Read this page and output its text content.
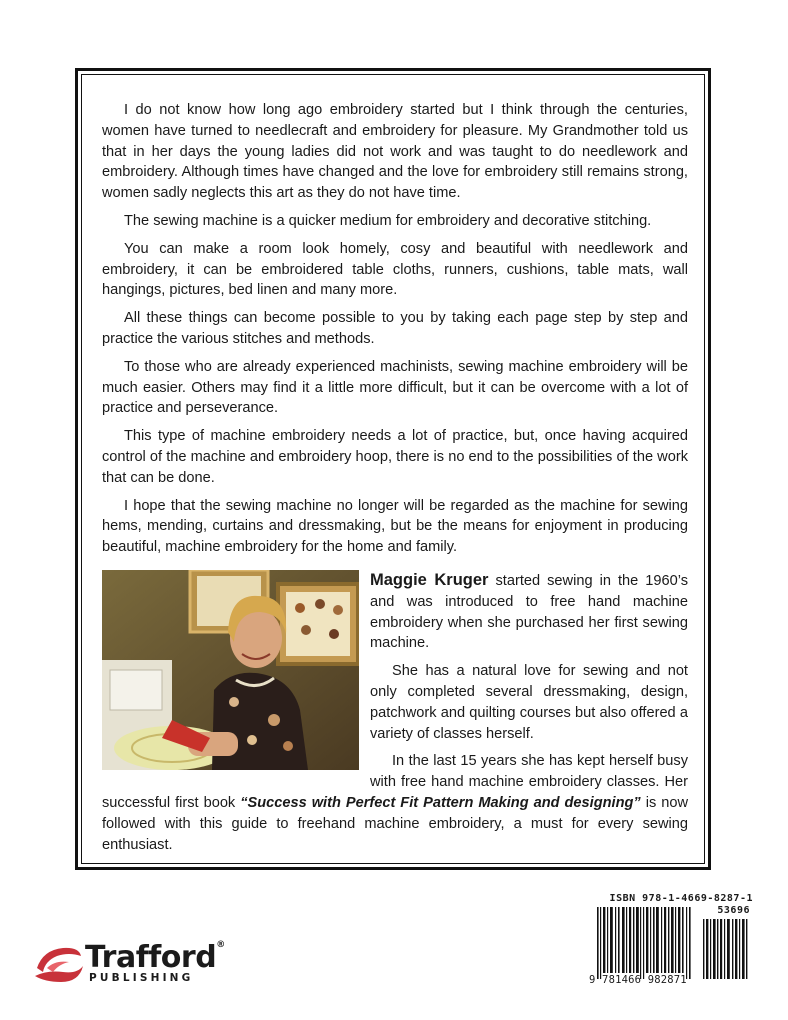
I do not know how long ago embroidery started but I think through the centuries, women have turned to needlecraft and embroidery for pleasure. My Grandmother told us that in her days the young ladies did not work and was taught to do needlework and embroidery. Although times have changed and the love for embroidery still remains strong, women sadly neglects this art as they do not have time.

The sewing machine is a quicker medium for embroidery and decorative stitching.

You can make a room look homely, cosy and beautiful with needlework and embroidery, it can be embroidered table cloths, runners, cushions, table mats, wall hangings, pictures, bed linen and many more.

All these things can become possible to you by taking each page step by step and practice the various stitches and methods.

To those who are already experienced machinists, sewing machine embroidery will be much easier. Others may find it a little more difficult, but it can be overcome with a lot of practice and perseverance.

This type of machine embroidery needs a lot of practice, but, once having acquired control of the machine and embroidery hoop, there is no end to the possibilities of the work that can be done.

I hope that the sewing machine no longer will be regarded as the machine for sewing hems, mending, curtains and dressmaking, but be the means for enjoyment in producing beautiful, machine embroidery for the home and family.

Maggie Kruger started sewing in the 1960’s and was introduced to free hand machine embroidery when she purchased her first sewing machine.

She has a natural love for sewing and not only completed several dressmaking, design, patchwork and quilting courses but also offered a variety of classes herself.

In the last 15 years she has kept herself busy with free hand machine embroidery classes. Her successful first book “Success with Perfect Fit Pattern Making and designing” is now followed with this guide to freehand machine embroidery, a must for every sewing enthusiast.

Trafford®
PUBLISHING
ISBN 978-1-4669-8287-1
53696
9 781466 982871
